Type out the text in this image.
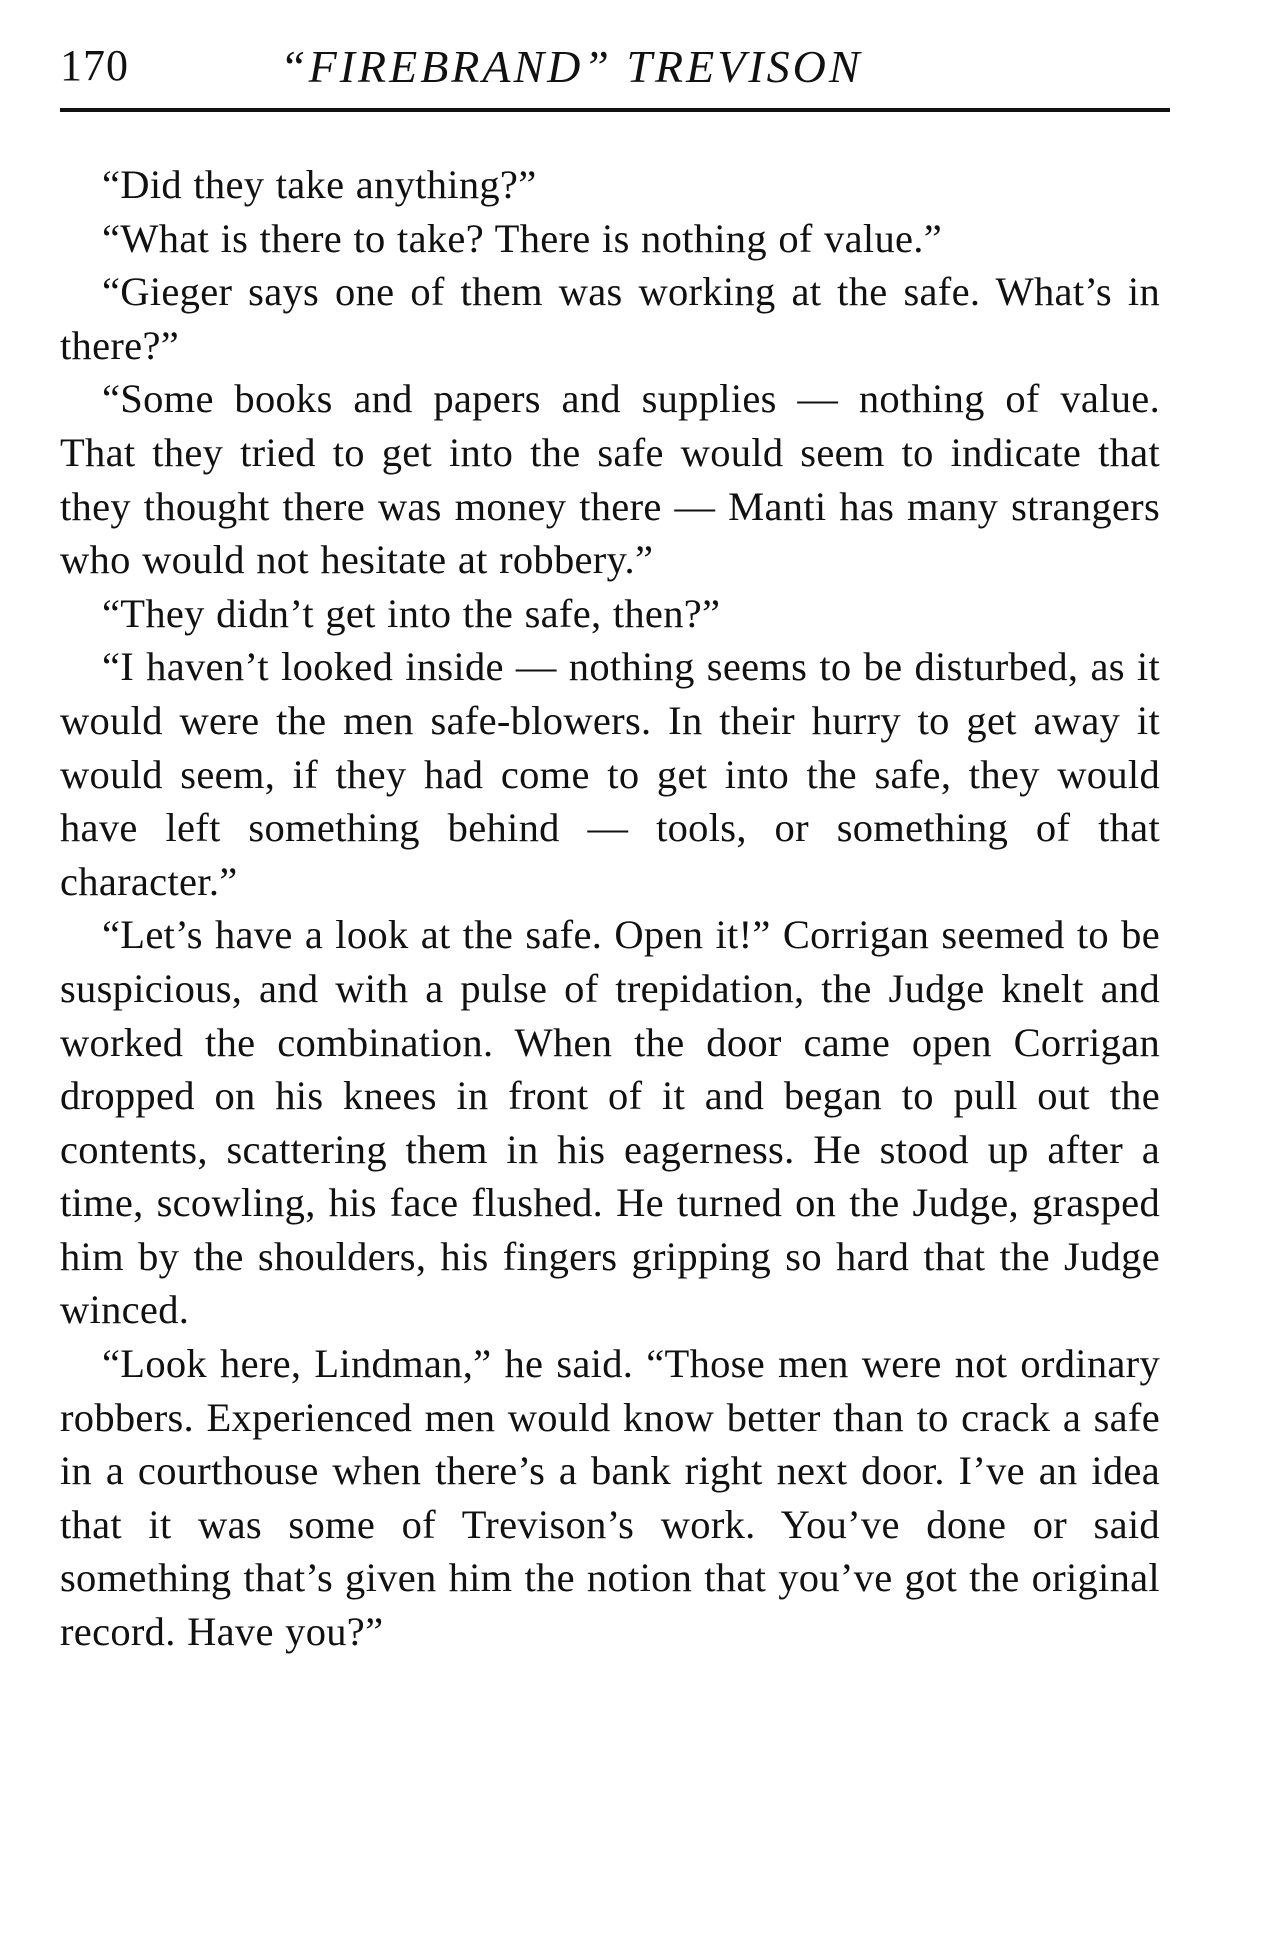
170	“FIREBRAND” TREVISON

“Did they take anything?”

“What is there to take? There is nothing of value.”

“Gieger says one of them was working at the safe. What’s in there?”

“Some books and papers and supplies — nothing of value. That they tried to get into the safe would seem to indicate that they thought there was money there — Manti has many strangers who would not hesitate at robbery.”

“They didn’t get into the safe, then?”

“I haven’t looked inside — nothing seems to be disturbed, as it would were the men safe-blowers. In their hurry to get away it would seem, if they had come to get into the safe, they would have left something behind — tools, or something of that character.”

“Let’s have a look at the safe. Open it!” Corrigan seemed to be suspicious, and with a pulse of trepidation, the Judge knelt and worked the combination. When the door came open Corrigan dropped on his knees in front of it and began to pull out the contents, scattering them in his eagerness. He stood up after a time, scowling, his face flushed. He turned on the Judge, grasped him by the shoulders, his fingers gripping so hard that the Judge winced.

“Look here, Lindman,” he said. “Those men were not ordinary robbers. Experienced men would know better than to crack a safe in a courthouse when there’s a bank right next door. I’ve an idea that it was some of Trevison’s work. You’ve done or said something that’s given him the notion that you’ve got the original record. Have you?”
